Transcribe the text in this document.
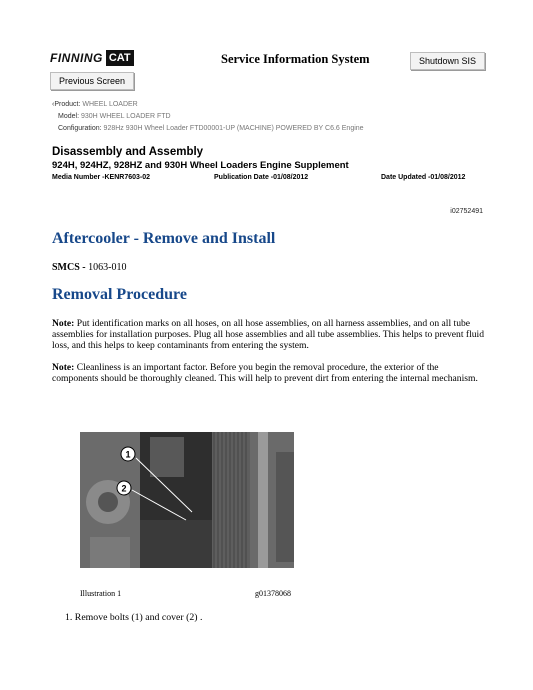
FINNING CAT	Service Information System	Shutdown SIS
Previous Screen
‹Product: WHEEL LOADER
Model: 930H WHEEL LOADER FTD
Configuration: 928Hz 930H Wheel Loader FTD00001-UP (MACHINE) POWERED BY C6.6 Engine
Disassembly and Assembly
924H, 924HZ, 928HZ and 930H Wheel Loaders Engine Supplement
Media Number -KENR7603-02	Publication Date -01/08/2012	Date Updated -01/08/2012
i02752491
Aftercooler - Remove and Install
SMCS - 1063-010
Removal Procedure
Note: Put identification marks on all hoses, on all hose assemblies, on all harness assemblies, and on all tube assemblies for installation purposes. Plug all hose assemblies and all tube assemblies. This helps to prevent fluid loss, and this helps to keep contaminants from entering the system.
Note: Cleanliness is an important factor. Before you begin the removal procedure, the exterior of the components should be thoroughly cleaned. This will help to prevent dirt from entering the internal mechanism.
1
2
Illustration 1	g01378068
1. Remove bolts (1) and cover (2) .
